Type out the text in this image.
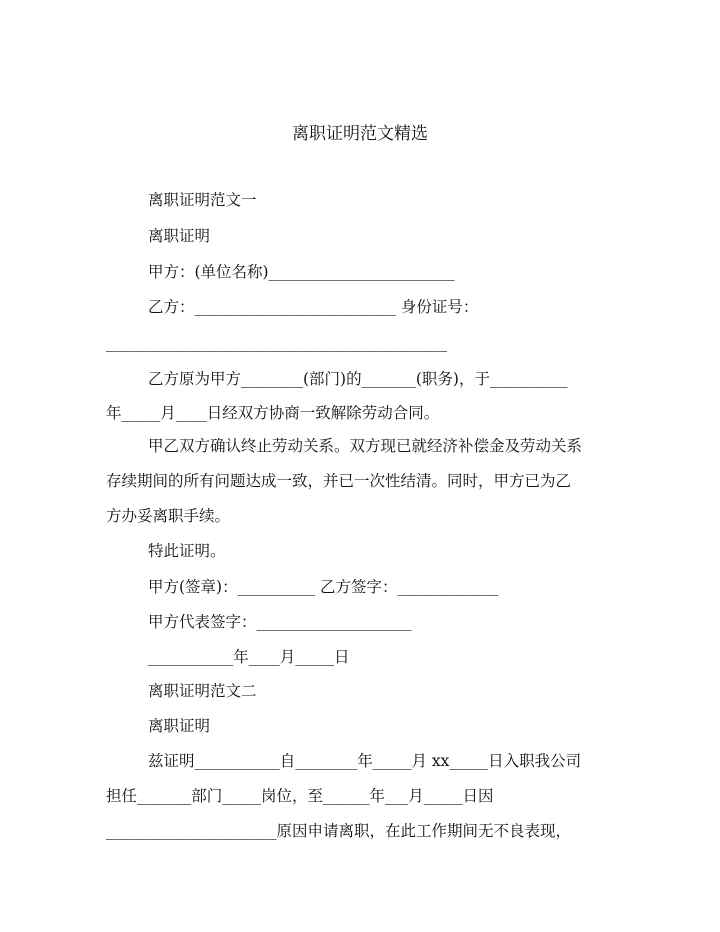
离职证明范文精选
离职证明范文一
离职证明
甲方：(单位名称)________________________
乙方：__________________________ 身份证号：
____________________________________________
乙方原为甲方________(部门)的_______(职务)，于__________
年_____月____日经双方协商一致解除劳动合同。
甲乙双方确认终止劳动关系。双方现已就经济补偿金及劳动关系
存续期间的所有问题达成一致，并已一次性结清。同时，甲方已为乙
方办妥离职手续。
特此证明。
甲方(签章)：__________ 乙方签字：_____________
甲方代表签字：____________________
___________年____月_____日
离职证明范文二
离职证明
兹证明___________自________年_____月 xx_____日入职我公司
担任_______部门_____岗位，至______年___月_____日因
______________________原因申请离职，在此工作期间无不良表现，
